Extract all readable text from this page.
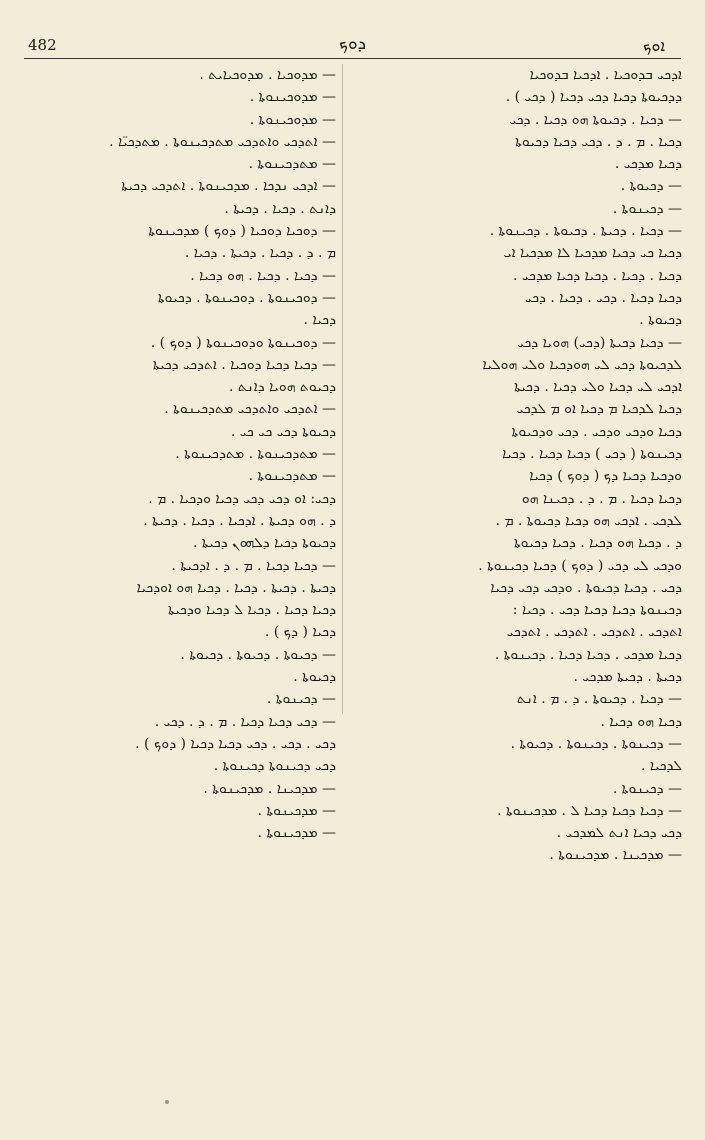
482	ܕܘܟ	ܐܘܟ
— ܡܕܘܟܝܐ . ܡܕܘܟܝܐܝܬ .
— ܡܕܘܟܝܢܘܬܐ .
— ܡܕܘܟܝܢܘܬܐ .
— ܐܬܕܟܝ ܘܐܬܕܟܝ ܡܬܕܟܝܢܘܬܐ . ܡܬܕܟܝ̈ܐ .
— ܡܬܕܟܝܢܘܬܐ .
— ܐܕܟܝ ܢܕܟܐ . ܡܕܟܝܢܘܬܐ . ܐܬܕܟܝ ܕܟܝܬܐ
ܕܐܢܬ . ܕܟܝܐ . ܕܟܝܬܐ .
— ܕܘܟܝܐ ܕܘܟܝܐ ( ܕܘܟ ) ܡܕܟܝܢܘܬܐ
ܡ . ܕ . ܕܟܝܐ . ܕܟܝܬܐ . ܕܟܝܐ .
— ܕܟܝܐ . ܕܟܝܐ . ܗܘ ܕܟܝܐ .
— ܕܘܟܝܢܘܬܐ . ܕܘܟܝܢܘܬܐ . ܕܟܝܘܬܐ
ܕܟܝܐ .
— ܕܘܟܝܢܘܬܐ ܘܕܘܟܝܢܘܬܐ ( ܕܘܟ ) .
— ܕܟܝܐ ܕܟܝܐ ܕܘܟܝܐ . ܐܬܕܟܝ ܕܟܝܬܐ
ܕܟܝܘܬ ܗܘܝܐ ܕܐܢܬ .
— ܐܬܕܟܝ ܘܐܬܕܟܝ ܡܬܕܟܝܢܘܬܐ .
ܕܟܝܘܬܐ ܕܟܝ ܟܝ ܟܝ .
— ܡܬܕܟܝܢܘܬܐ . ܡܬܕܟܝܢܘܬܐ .
— ܡܬܕܟܝܢܘܬܐ .
ܕܟܝ: ܐܘ ܕܟܝ ܕܟܝ ܕܟܝܐ ܘܕܟܝܐ . ܡ .
ܕ . ܗܘ ܕܟܝܬܐ . ܐܕܟܝܐ . ܕܟܝܐ . ܕܟܝܬܐ .
ܕܟܝܘܬܐ ܕܟܝܐ ܕܠܗܘܢ ܕܟܝܬܐ .
— ܕܟܝܐ ܕܟܝܐ . ܡ . ܕ . ܐܕܟܝܬܐ .
ܕܟܝܬܐ . ܕܟܝܬܐ . ܕܟܝܐ . ܕܟܝܐ ܗܘ ܐܘܕܟܝܐ
ܕܟܝܐ ܕܟܝܐ . ܕܟܝܐ ܠ ܕܟܝܐ ܘܕܟܝܬܐ
ܕܟܝܐ ( ܕܟ ) .
— ܕܟܝܘܬܐ . ܕܟܝܘܬܐ . ܕܟܝܘܬܐ .
ܕܟܝܘܬܐ .
— ܕܟܝܢܘܬܐ .
— ܕܟܝ ܕܟܝܐ ܕܟܝܐ . ܡ . ܕ . ܕܟܝ .
ܕܟܝ . ܕܟܝ . ܕܟܝ ܕܟܝܐ ܕܟܝܐ ( ܕܘܟ ) .
ܕܟܝ ܕܟܝܢܘܬܐ ܕܟܝܢܘܬܐ .
— ܡܕܟܝܢܐ . ܡܕܟܝܢܘܬܐ .
— ܡܕܟܝܢܘܬܐ .
— ܡܕܟܝܢܘܬܐ .
ܐܕܟܝ ܒܕܘܟܝܐ . ܐܕܟܝܐ ܒܕܘܟܝܐ
ܕܕܟܝܘܬܐ ܕܟܝܐ ܕܟܝ ܕܟܝܐ ( ܕܟܝ ) .
— ܕܟܝܐ . ܕܟܝܘܬܐ ܗܘ ܕܟܝܐ . ܕܟܝ
ܕܟܝܐ . ܡ . ܕ . ܕܟܝ ܕܟܝܐ ܕܟܝܘܬܐ
ܕܟܝܐ ܡܕܟܝ .
— ܕܟܝܘܬܐ .
— ܕܟܝܢܘܬܐ .
— ܕܟܝܐ . ܕܟܝܬܐ . ܕܟܝܘܬܐ . ܕܟܝܢܘܬܐ .
ܕܟܝܐ ܟܝ ܕܟܝܐ ܡܕܟܝܐ ܠܐ ܡܕܟܝܐ ܐܝ
ܕܟܝܐ . ܕܟܝܐ . ܕܟܝܐ ܕܟܝܐ ܡܕܟܝ .
ܕܟܝܐ ܕܟܝܐ . ܕܟܝ . ܕܟܝܐ . ܕܟܝ
ܕܟܝܘܬܐ .
— ܕܟܝܐ ܕܟܝܬܐ (ܕܟܝ) ܗܘܝܐ ܕܟܝ
ܠܕܟܝܘܬܐ ܕܟܝ ܠܝ ܗܘܕܟܝܐ ܘܠܝ ܗܘܠܝܐ
ܐܕܟܝ ܠܝ ܕܟܝܐ ܘܠܝ ܕܟܝܐ . ܕܟܝܬܐ
ܕܟܝܐ ܠܕܟܝܐ ܡ ܕܟܝܐ ܐܘ ܡ ܠܕܟܝ
ܕܟܝܐ ܘܕܟܝ ܘܕܟܝ . ܕܟܝ ܘܕܟܝܘܬܐ
ܕܟܝܢܘܬܐ ( ܕܟܝ ) ܕܟܝܐ ܕܟܝܐ . ܕܟܝܐ
ܘܕܟܝܐ ܕܟܝܐ ܕܟ ( ܕܘܟ ) ܕܟܝܐ
ܕܟܝܐ ܕܟܝܐ . ܡ . ܕ . ܕܟܝܢܐ ܗܘ
ܠܕܟܝ . ܐܕܟܝ ܗܘ ܕܟܝܐ ܕܟܝܘܬܐ . ܡ .
ܕ . ܕܟܝܐ ܗܘ ܕܟܝܐ . ܕܟܝܐ ܕܟܝܘܬܐ
ܘܕܟܝ ܠܝ ܕܟܝ ( ܕܘܟ ) ܕܟܝܐ ܕܟܝܢܘܬܐ .
ܕܟܝ . ܕܟܝܐ ܕܟܝܘܬܐ . ܘܕܟܝ ܕܟܝ ܕܟܝܐ
ܕܟܝܢܘܬܐ ܕܟܝܐ ܕܟܝܐ ܕܟܝ . ܕܟܝܐ :
ܐܬܕܟܝ . ܐܬܕܟܝ . ܐܬܕܟܝ . ܐܬܕܟܝ
ܕܟܝܐ ܡܕܟܝ . ܕܟܝܐ ܕܟܝܐ . ܕܟܝܢܘܬܐ .
ܕܟܝܬܐ . ܕܟܝܬܐ ܡܕܟܝ .
— ܕܟܝܐ . ܕܟܝܘܬܐ . ܕ . ܡ . ܐܢܬ
ܕܟܝܐ ܗܘ ܕܟܝܐ .
— ܕܟܝܢܘܬܐ . ܕܟܝܢܘܬܐ . ܕܟܝܘܬܐ .
ܠܕܟܝܐ .
— ܕܟܝܢܘܬܐ .
— ܕܟܝܐ ܕܟܝܐ ܕܟܝܐ ܠ . ܡܕܟܝܢܘܬܐ .
ܕܟܝ ܕܟܝܐ ܐܢܬ ܠܡܕܟܝ .
— ܡܕܟܝܢܐ . ܡܕܟܝܢܘܬܐ .
